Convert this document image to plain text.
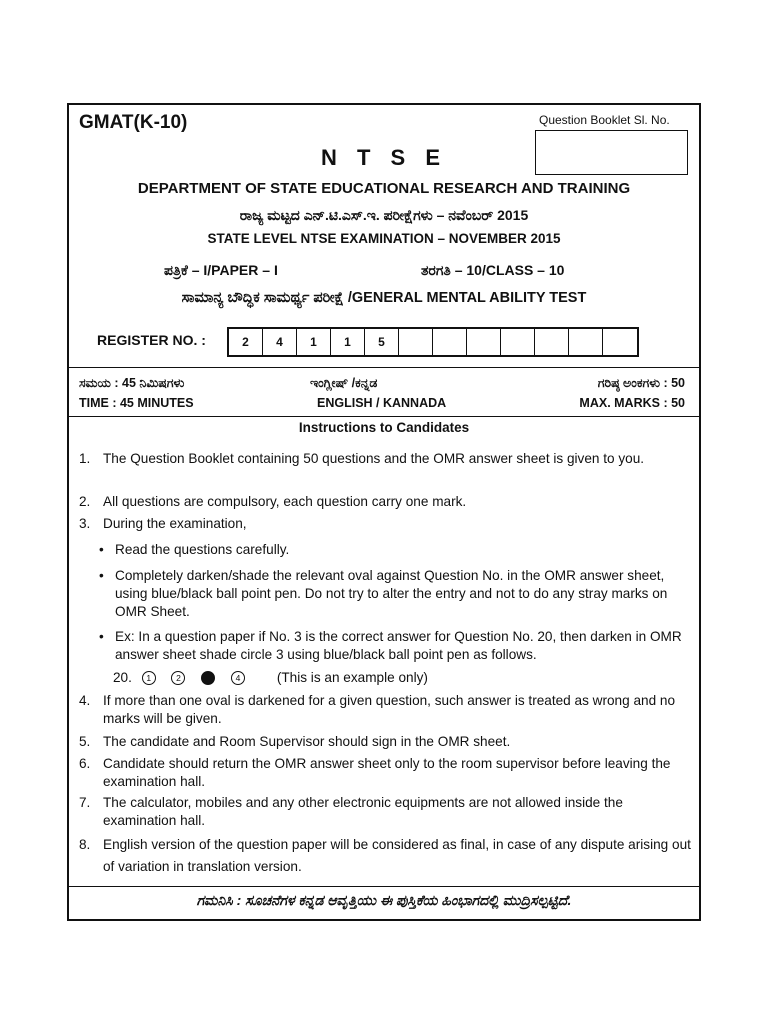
GMAT(K-10)	Question Booklet Sl. No.
N T S E
DEPARTMENT OF STATE EDUCATIONAL RESEARCH AND TRAINING
ರಾಜ್ಯ ಮಟ್ಟದ ಎನ್.ಟಿ.ಎಸ್.ಇ. ಪರೀಕ್ಷೆಗಳು – ನವೆಂಬರ್ 2015
STATE LEVEL NTSE EXAMINATION – NOVEMBER 2015
ಪತ್ರಿಕೆ – I/PAPER – I	ತರಗತಿ – 10/CLASS – 10
ಸಾಮಾನ್ಯ ಬೌದ್ಧಿಕ ಸಾಮರ್ಥ್ಯ ಪರೀಕ್ಷೆ /GENERAL MENTAL ABILITY TEST
REGISTER NO. :	2	4	1	1	5
ಸಮಯ : 45 ನಿಮಿಷಗಳು	ಇಂಗ್ಲೀಷ್ /ಕನ್ನಡ	ಗರಿಷ್ಠ ಅಂಕಗಳು : 50
TIME : 45 MINUTES	ENGLISH / KANNADA	MAX. MARKS : 50
Instructions to Candidates
1. The Question Booklet containing 50 questions and the OMR answer sheet is given to you.
2. All questions are compulsory, each question carry one mark.
3. During the examination,
• Read the questions carefully.
• Completely darken/shade the relevant oval against Question No. in the OMR answer sheet, using blue/black ball point pen. Do not try to alter the entry and not to do any stray marks on OMR Sheet.
• Ex: In a question paper if No. 3 is the correct answer for Question No. 20, then darken in OMR answer sheet shade circle 3 using blue/black ball point pen as follows.
20. 1	2	4	(This is an example only)
4. If more than one oval is darkened for a given question, such answer is treated as wrong and no marks will be given.
5. The candidate and Room Supervisor should sign in the OMR sheet.
6. Candidate should return the OMR answer sheet only to the room supervisor before leaving the examination hall.
7. The calculator, mobiles and any other electronic equipments are not allowed inside the examination hall.
8. English version of the question paper will be considered as final, in case of any dispute arising out of variation in translation version.
ಗಮನಿಸಿ : ಸೂಚನೆಗಳ ಕನ್ನಡ ಆವೃತ್ತಿಯು ಈ ಪುಸ್ತಿಕೆಯ ಹಿಂಭಾಗದಲ್ಲಿ ಮುದ್ರಿಸಲ್ಪಟ್ಟಿದೆ.
